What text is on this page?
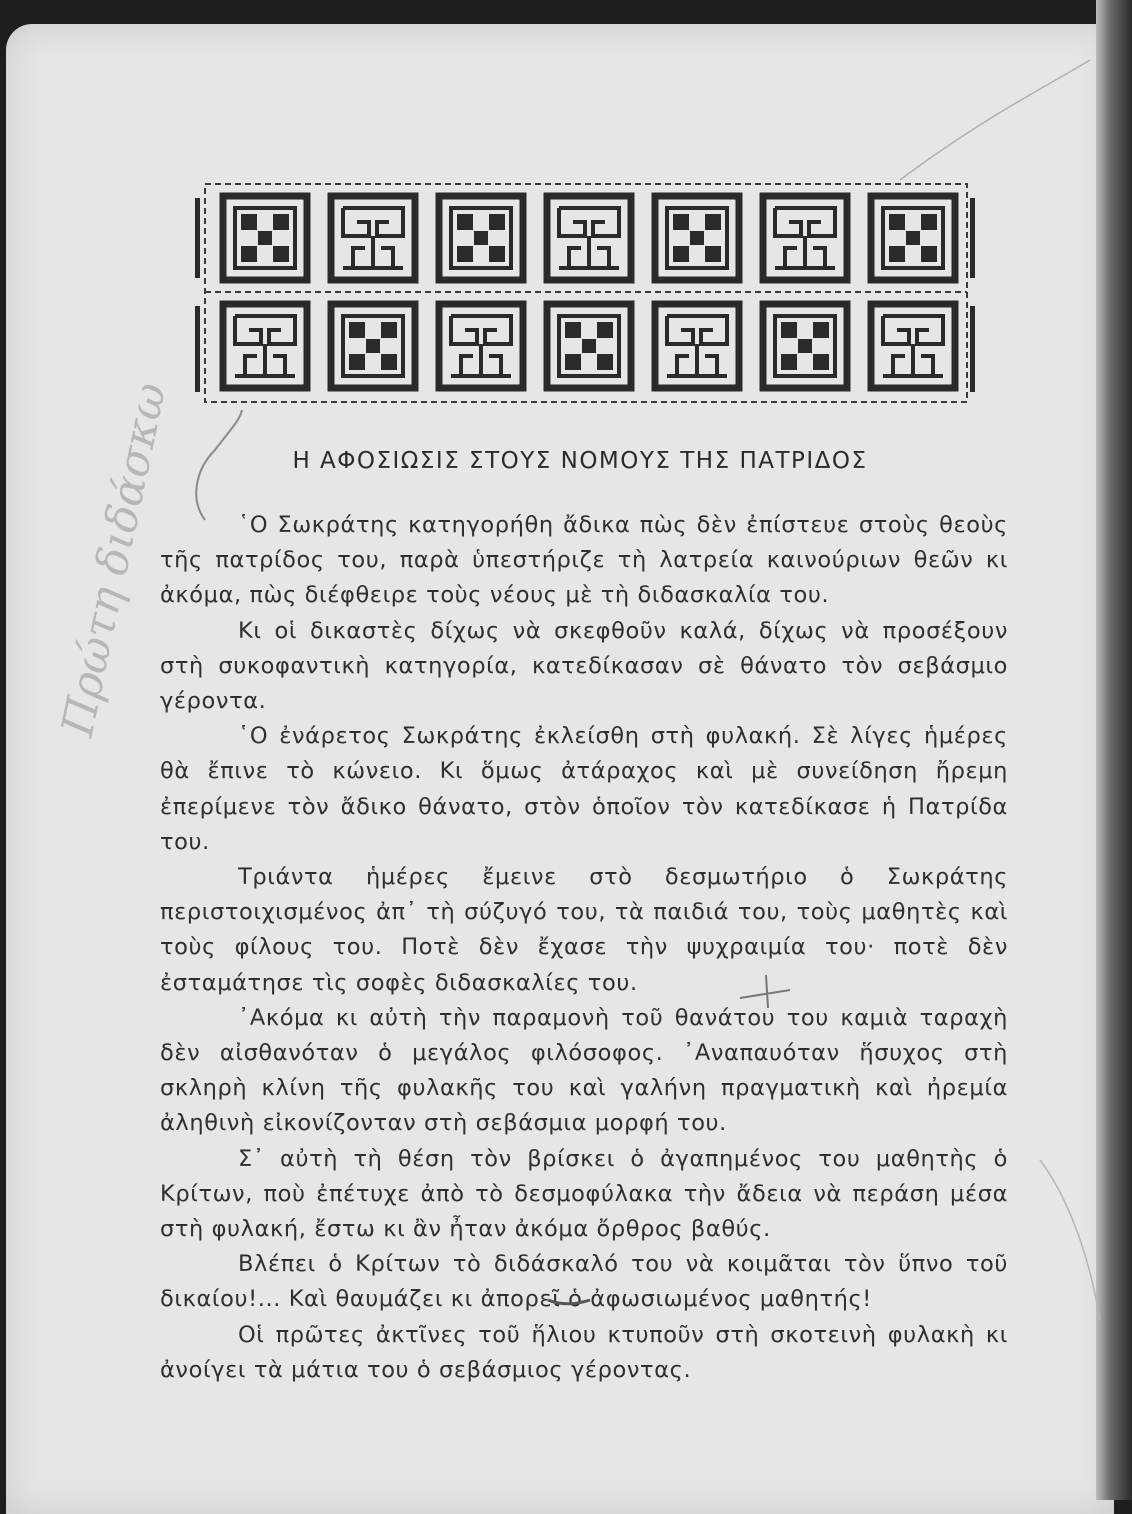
Η ΑΦΟΣΙΩΣΙΣ ΣΤΟΥΣ ΝΟΜΟΥΣ ΤΗΣ ΠΑΤΡΙΔΟΣ

῾Ο Σωκράτης κατηγορήθη ἄδικα πὼς δὲν ἐπίστευε στοὺς θεοὺς τῆς πατρίδος του, παρὰ ὑπεστήριζε τὴ λατρεία καινούριων θεῶν κι ἀκόμα, πὼς διέφθειρε τοὺς νέους μὲ τὴ διδασκαλία του.

Κι οἱ δικαστὲς δίχως νὰ σκεφθοῦν καλά, δίχως νὰ προσέξουν στὴ συκοφαντικὴ κατηγορία, κατεδίκασαν σὲ θάνατο τὸν σεβάσμιο γέροντα.

῾Ο ἐνάρετος Σωκράτης ἐκλείσθη στὴ φυλακή. Σὲ λίγες ἡμέρες θὰ ἔπινε τὸ κώνειο. Κι ὅμως ἀτάραχος καὶ μὲ συνείδηση ἤρεμη ἐπερίμενε τὸν ἄδικο θάνατο, στὸν ὁποῖον τὸν κατεδίκασε ἡ Πατρίδα του.

Τριάντα ἡμέρες ἔμεινε στὸ δεσμωτήριο ὁ Σωκράτης περιστοιχισμένος ἀπ᾽ τὴ σύζυγό του, τὰ παιδιά του, τοὺς μαθητὲς καὶ τοὺς φίλους του. Ποτὲ δὲν ἔχασε τὴν ψυχραιμία του· ποτὲ δὲν ἐσταμάτησε τὶς σοφὲς διδασκαλίες του.

᾽Ακόμα κι αὐτὴ τὴν παραμονὴ τοῦ θανάτου του καμιὰ ταραχὴ δὲν αἰσθανόταν ὁ μεγάλος φιλόσοφος. ᾽Αναπαυόταν ἥσυχος στὴ σκληρὴ κλίνη τῆς φυλακῆς του καὶ γαλήνη πραγματικὴ καὶ ἠρεμία ἀληθινὴ εἰκονίζονταν στὴ σεβάσμια μορφή του.

Σ᾽ αὐτὴ τὴ θέση τὸν βρίσκει ὁ ἀγαπημένος του μαθητὴς ὁ Κρίτων, ποὺ ἐπέτυχε ἀπὸ τὸ δεσμοφύλακα τὴν ἄδεια νὰ περάση μέσα στὴ φυλακή, ἔστω κι ἂν ἦταν ἀκόμα ὄρθρος βαθύς.

Βλέπει ὁ Κρίτων τὸ διδάσκαλό του νὰ κοιμᾶται τὸν ὕπνο τοῦ δικαίου!... Καὶ θαυμάζει κι ἀπορεῖ ὁ ἀφωσιωμένος μαθητής!

Οἱ πρῶτες ἀκτῖνες τοῦ ἥλιου κτυποῦν στὴ σκοτεινὴ φυλακὴ κι ἀνοίγει τὰ μάτια του ὁ σεβάσμιος γέροντας.

Πρώτη διδάσκω
